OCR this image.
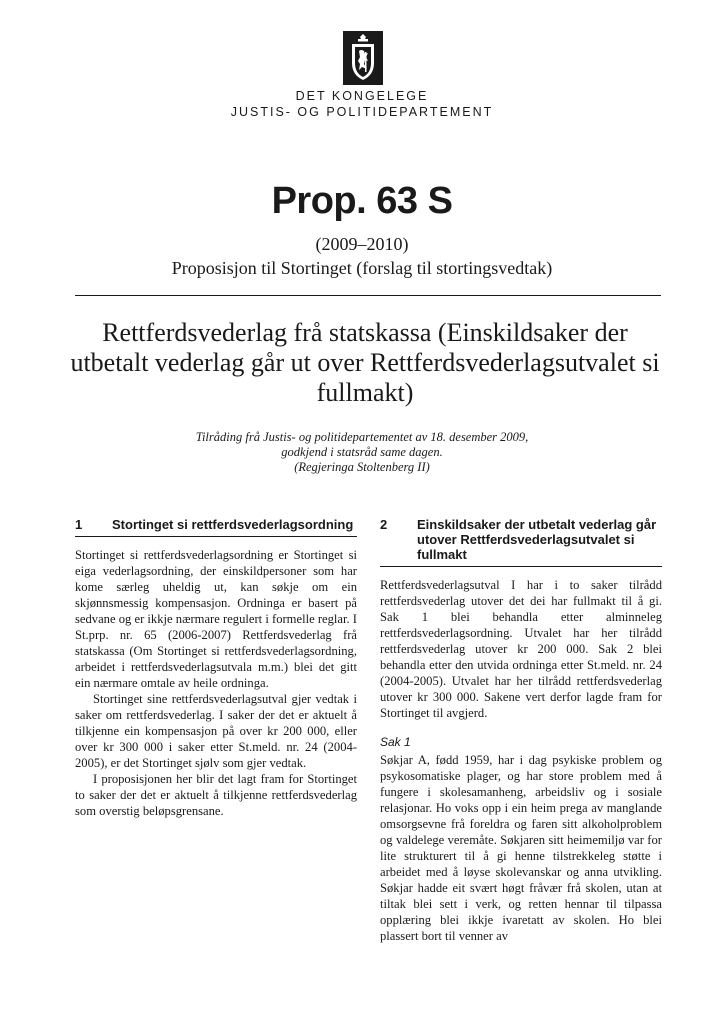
DET KONGELEGE
JUSTIS- OG POLITIDEPARTEMENT
Prop. 63 S
(2009–2010)
Proposisjon til Stortinget (forslag til stortingsvedtak)
Rettferdsvederlag frå statskassa (Einskildsaker der utbetalt vederlag går ut over Rettferdsvederlagsutvalet si fullmakt)
Tilråding frå Justis- og politidepartementet av 18. desember 2009,
godkjend i statsråd same dagen.
(Regjeringa Stoltenberg II)
1	Stortinget si rettferdsvederlagsordning

Stortinget si rettferdsvederlagsordning er Stortinget si eiga vederlagsordning, der einskildpersoner som har kome særleg uheldig ut, kan søkje om ein skjønnsmessig kompensasjon. Ordninga er basert på sedvane og er ikkje nærmare regulert i formelle reglar. I St.prp. nr. 65 (2006-2007) Rettferdsvederlag frå statskassa (Om Stortinget si rettferdsvederlagsordning, arbeidet i rettferdsvederlagsutvala m.m.) blei det gitt ein nærmare omtale av heile ordninga.

Stortinget sine rettferdsvederlagsutval gjer vedtak i saker om rettferdsvederlag. I saker der det er aktuelt å tilkjenne ein kompensasjon på over kr 200 000, eller over kr 300 000 i saker etter St.meld. nr. 24 (2004-2005), er det Stortinget sjølv som gjer vedtak.

I proposisjonen her blir det lagt fram for Stortinget to saker der det er aktuelt å tilkjenne rettferdsvederlag som overstig beløpsgrensane.

2	Einskildsaker der utbetalt vederlag går utover Rettferdsvederlagsutvalet si fullmakt

Rettferdsvederlagsutval I har i to saker tilrådd rettferdsvederlag utover det dei har fullmakt til å gi. Sak 1 blei behandla etter alminneleg rettferdsvederlagsordning. Utvalet har her tilrådd rettferdsvederlag utover kr 200 000. Sak 2 blei behandla etter den utvida ordninga etter St.meld. nr. 24 (2004-2005). Utvalet har her tilrådd rettferdsvederlag utover kr 300 000. Sakene vert derfor lagde fram for Stortinget til avgjerd.

Sak 1

Søkjar A, fødd 1959, har i dag psykiske problem og psykosomatiske plager, og har store problem med å fungere i skolesamanheng, arbeidsliv og i sosiale relasjonar. Ho voks opp i ein heim prega av manglande omsorgsevne frå foreldra og faren sitt alkoholproblem og valdelege veremåte. Søkjaren sitt heimemiljø var for lite strukturert til å gi henne tilstrekkeleg støtte i arbeidet med å løyse skolevanskar og anna utvikling. Søkjar hadde eit svært høgt fråvær frå skolen, utan at tiltak blei sett i verk, og retten hennar til tilpassa opplæring blei ikkje ivaretatt av skolen. Ho blei plassert bort til venner av
